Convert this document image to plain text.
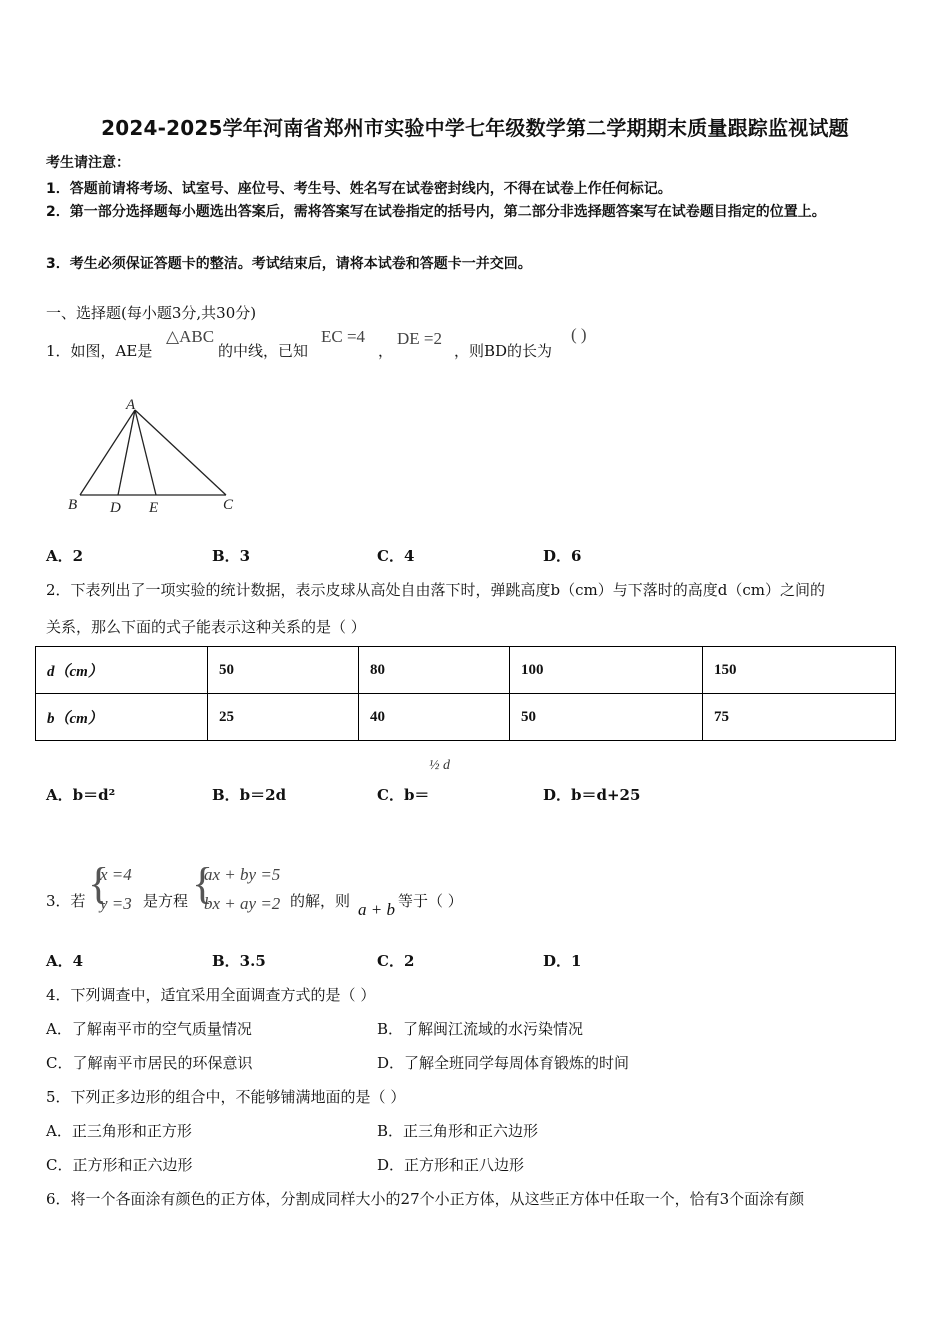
2024-2025学年河南省郑州市实验中学七年级数学第二学期期末质量跟踪监视试题
考生请注意：
1．答题前请将考场、试室号、座位号、考生号、姓名写在试卷密封线内，不得在试卷上作任何标记。
2．第一部分选择题每小题选出答案后，需将答案写在试卷指定的括号内，第二部分非选择题答案写在试卷题目指定的位置上。
3．考生必须保证答题卡的整洁。考试结束后，请将本试卷和答题卡一并交回。
一、选择题(每小题3分,共30分)
1．如图，AE是
△ABC
的中线，已知
EC =4
，
DE =2
，则BD的长为
( )
A
B D E	C
A．2	B．3	C．4	D．6
2．下表列出了一项实验的统计数据，表示皮球从高处自由落下时，弹跳高度b（cm）与下落时的高度d（cm）之间的
关系，那么下面的式子能表示这种关系的是（ ）
d（cm）	50	80	100	150
b（cm）	25	40	50	75
A．b＝d²	B．b＝2d	C．b＝
½ d
D．b＝d+25
3．若 {
x =4
y =3 是方程 {
ax + by =5
bx + ay =2 的解，则 a + b 等于（ ）
A．4	B．3.5	C．2	D．1
4．下列调查中，适宜采用全面调查方式的是（ ）
A．了解南平市的空气质量情况	B．了解闽江流域的水污染情况
C．了解南平市居民的环保意识	D．了解全班同学每周体育锻炼的时间
5．下列正多边形的组合中，不能够铺满地面的是（ ）
A．正三角形和正方形	B．正三角形和正六边形
C．正方形和正六边形	D．正方形和正八边形
6．将一个各面涂有颜色的正方体，分割成同样大小的27个小正方体，从这些正方体中任取一个，恰有3个面涂有颜
